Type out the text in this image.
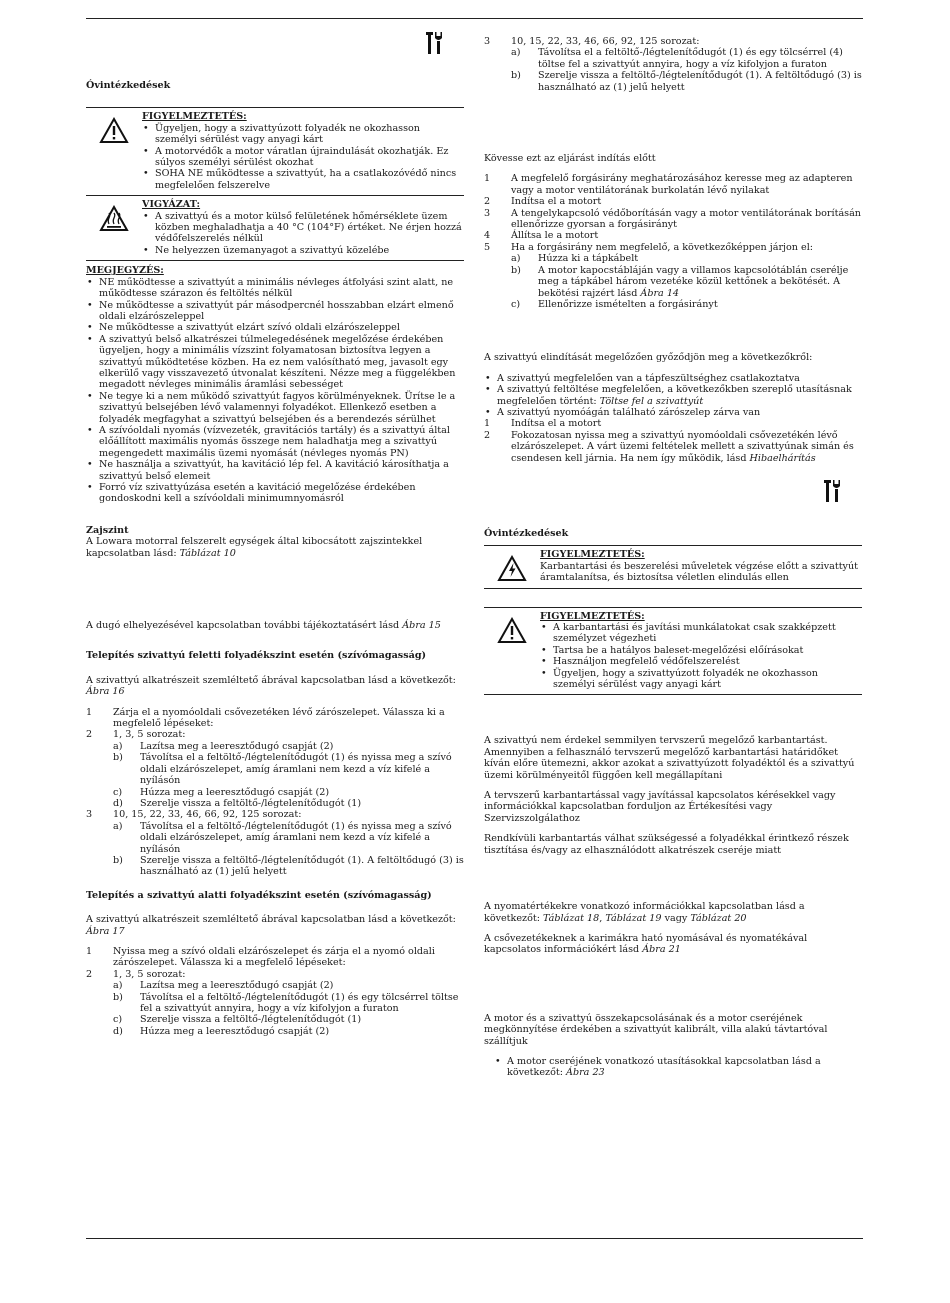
Óvintézkedések
FIGYELMEZTETÉS:
• Ügyeljen, hogy a szivattyúzott folyadék ne okozhasson személyi sérülést vagy anyagi kárt
• A motorvédők a motor váratlan újraindulását okozhatják. Ez súlyos személyi sérülést okozhat
• SOHA NE működtesse a szivattyút, ha a csatlakozóvédő nincs megfelelően felszerelve
VIGYÁZAT:
• A szivattyú és a motor külső felületének hőmérséklete üzem közben meghaladhatja a 40 °C (104°F) értéket. Ne érjen hozzá védőfelszerelés nélkül
• Ne helyezzen üzemanyagot a szivattyú közelébe
MEGJEGYZÉS:
• NE működtesse a szivattyút a minimális névleges átfolyási szint alatt, ne működtesse szárazon és feltöltés nélkül
• Ne működtesse a szivattyút pár másodpercnél hosszabban elzárt elmenő oldali elzárószeleppel
• Ne működtesse a szivattyút elzárt szívó oldali elzárószeleppel
• A szivattyú belső alkatrészei túlmelegedésének megelőzése érdekében ügyeljen, hogy a minimális vízszint folyamatosan biztosítva legyen a szivattyú működtetése közben. Ha ez nem valósítható meg, javasolt egy elkerülő vagy visszavezető útvonalat készíteni. Nézze meg a függelékben megadott névleges minimális áramlási sebességet
• Ne tegye ki a nem működő szivattyút fagyos körülményeknek. Ürítse le a szivattyú belsejében lévő valamennyi folyadékot. Ellenkező esetben a folyadék megfagyhat a szivattyú belsejében és a berendezés sérülhet
• A szívóoldali nyomás (vízvezeték, gravitációs tartály) és a szivattyú által előállított maximális nyomás összege nem haladhatja meg a szivattyú megengedett maximális üzemi nyomását (névleges nyomás PN)
• Ne használja a szivattyút, ha kavitáció lép fel. A kavitáció károsíthatja a szivattyú belső elemeit
• Forró víz szivattyúzása esetén a kavitáció megelőzése érdekében gondoskodni kell a szívóoldali minimumnyomásról
Zajszint

A Lowara motorral felszerelt egységek által kibocsátott zajszintekkel kapcsolatban lásd: Táblázat 10

A dugó elhelyezésével kapcsolatban további tájékoztatásért lásd Ábra 15

Telepítés szivattyú feletti folyadékszint esetén (szívómagasság)

A szivattyú alkatrészeit szemléltető ábrával kapcsolatban lásd a következőt: Ábra 16

1 Zárja el a nyomóoldali csővezetéken lévő zárószelepet. Válassza ki a megfelelő lépéseket:
2 1, 3, 5 sorozat:
a) Lazítsa meg a leeresztődugó csapját (2)
b) Távolítsa el a feltöltő-/légtelenítődugót (1) és nyissa meg a szívó oldali elzárószelepet, amíg áramlani nem kezd a víz kifelé a nyílásón
c) Húzza meg a leeresztődugó csapját (2)
d) Szerelje vissza a feltöltő-/légtelenítődugót (1)
3 10, 15, 22, 33, 46, 66, 92, 125 sorozat:
a) Távolítsa el a feltöltő-/légtelenítődugót (1) és nyissa meg a szívó oldali elzárószelepet, amíg áramlani nem kezd a víz kifelé a nyílásón
b) Szerelje vissza a feltöltő-/légtelenítődugót (1). A feltöltődugó (3) is használható az (1) jelű helyett

Telepítés a szivattyú alatti folyadékszint esetén (szívómagasság)

A szivattyú alkatrészeit szemléltető ábrával kapcsolatban lásd a következőt: Ábra 17

1 Nyissa meg a szívó oldali elzárószelepet és zárja el a nyomó oldali zárószelepet. Válassza ki a megfelelő lépéseket:
2 1, 3, 5 sorozat:
a) Lazítsa meg a leeresztődugó csapját (2)
b) Távolítsa el a feltöltő-/légtelenítődugót (1) és egy tölcsérrel töltse fel a szivattyút annyira, hogy a víz kifolyjon a furaton
c) Szerelje vissza a feltöltő-/légtelenítődugót (1)
d) Húzza meg a leeresztődugó csapját (2)
3 10, 15, 22, 33, 46, 66, 92, 125 sorozat:
a) Távolítsa el a feltöltő-/légtelenítődugót (1) és egy tölcsérrel (4) töltse fel a szivattyút annyira, hogy a víz kifolyjon a furaton
b) Szerelje vissza a feltöltő-/légtelenítődugót (1). A feltöltődugó (3) is használható az (1) jelű helyett

Kövesse ezt az eljárást indítás előtt

1 A megfelelő forgásirány meghatározásához keresse meg az adapteren vagy a motor ventilátorának burkolatán lévő nyilakat
2 Indítsa el a motort
3 A tengelykapcsoló védőborításán vagy a motor ventilátorának borításán ellenőrizze gyorsan a forgásirányt
4 Állítsa le a motort
5 Ha a forgásirány nem megfelelő, a következőképpen járjon el:
a) Húzza ki a tápkábelt
b) A motor kapocstábláján vagy a villamos kapcsolótáblán cserélje meg a tápkábel három vezetéke közül kettőnek a bekötését. A bekötési rajzért lásd Ábra 14
c) Ellenőrizze ismételten a forgásirányt

A szivattyú elindítását megelőzően győződjön meg a következőkről:

• A szivattyú megfelelően van a tápfeszültséghez csatlakoztatva
• A szivattyú feltöltése megfelelően, a következőkben szereplő utasításnak megfelelően történt: Töltse fel a szivattyút
• A szivattyú nyomóágán található zárószelep zárva van
1 Indítsa el a motort
2 Fokozatosan nyissa meg a szivattyú nyomóoldali csővezetékén lévő elzárószelepet. A várt üzemi feltételek mellett a szivattyúnak simán és csendesen kell járnia. Ha nem így működik, lásd Hibaelhárítás
Óvintézkedések
FIGYELMEZTETÉS:
Karbantartási és beszerelési műveletek végzése előtt a szivattyút áramtalanítsa, és biztosítsa véletlen elindulás ellen
FIGYELMEZTETÉS:
• A karbantartási és javítási munkálatokat csak szakképzett személyzet végezheti
• Tartsa be a hatályos baleset-megelőzési előírásokat
• Használjon megfelelő védőfelszerelést
• Ügyeljen, hogy a szivattyúzott folyadék ne okozhasson személyi sérülést vagy anyagi kárt

A szivattyú nem érdekel semmilyen tervszerű megelőző karbantartást. Amennyiben a felhasználó tervszerű megelőző karbantartási határidőket kíván előre ütemezni, akkor azokat a szivattyúzott folyadéktól és a szivattyú üzemi körülményeitől függően kell megállapítani

A tervszerű karbantartással vagy javítással kapcsolatos kérésekkel vagy információkkal kapcsolatban forduljon az Értékesítési vagy Szervizszolgálathoz

Rendkívüli karbantartás válhat szükségessé a folyadékkal érintkező részek tisztítása és/vagy az elhasználódott alkatrészek cseréje miatt

A nyomatértékekre vonatkozó információkkal kapcsolatban lásd a következőt: Táblázat 18, Táblázat 19 vagy Táblázat 20

A csővezetékeknek a karimákra ható nyomásával és nyomatékával kapcsolatos információkért lásd Ábra 21

A motor és a szivattyú összekapcsolásának és a motor cseréjének megkönnyítése érdekében a szivattyút kalibrált, villa alakú távtartóval szállítjuk

• A motor cseréjének vonatkozó utasításokkal kapcsolatban lásd a következőt: Ábra 23
